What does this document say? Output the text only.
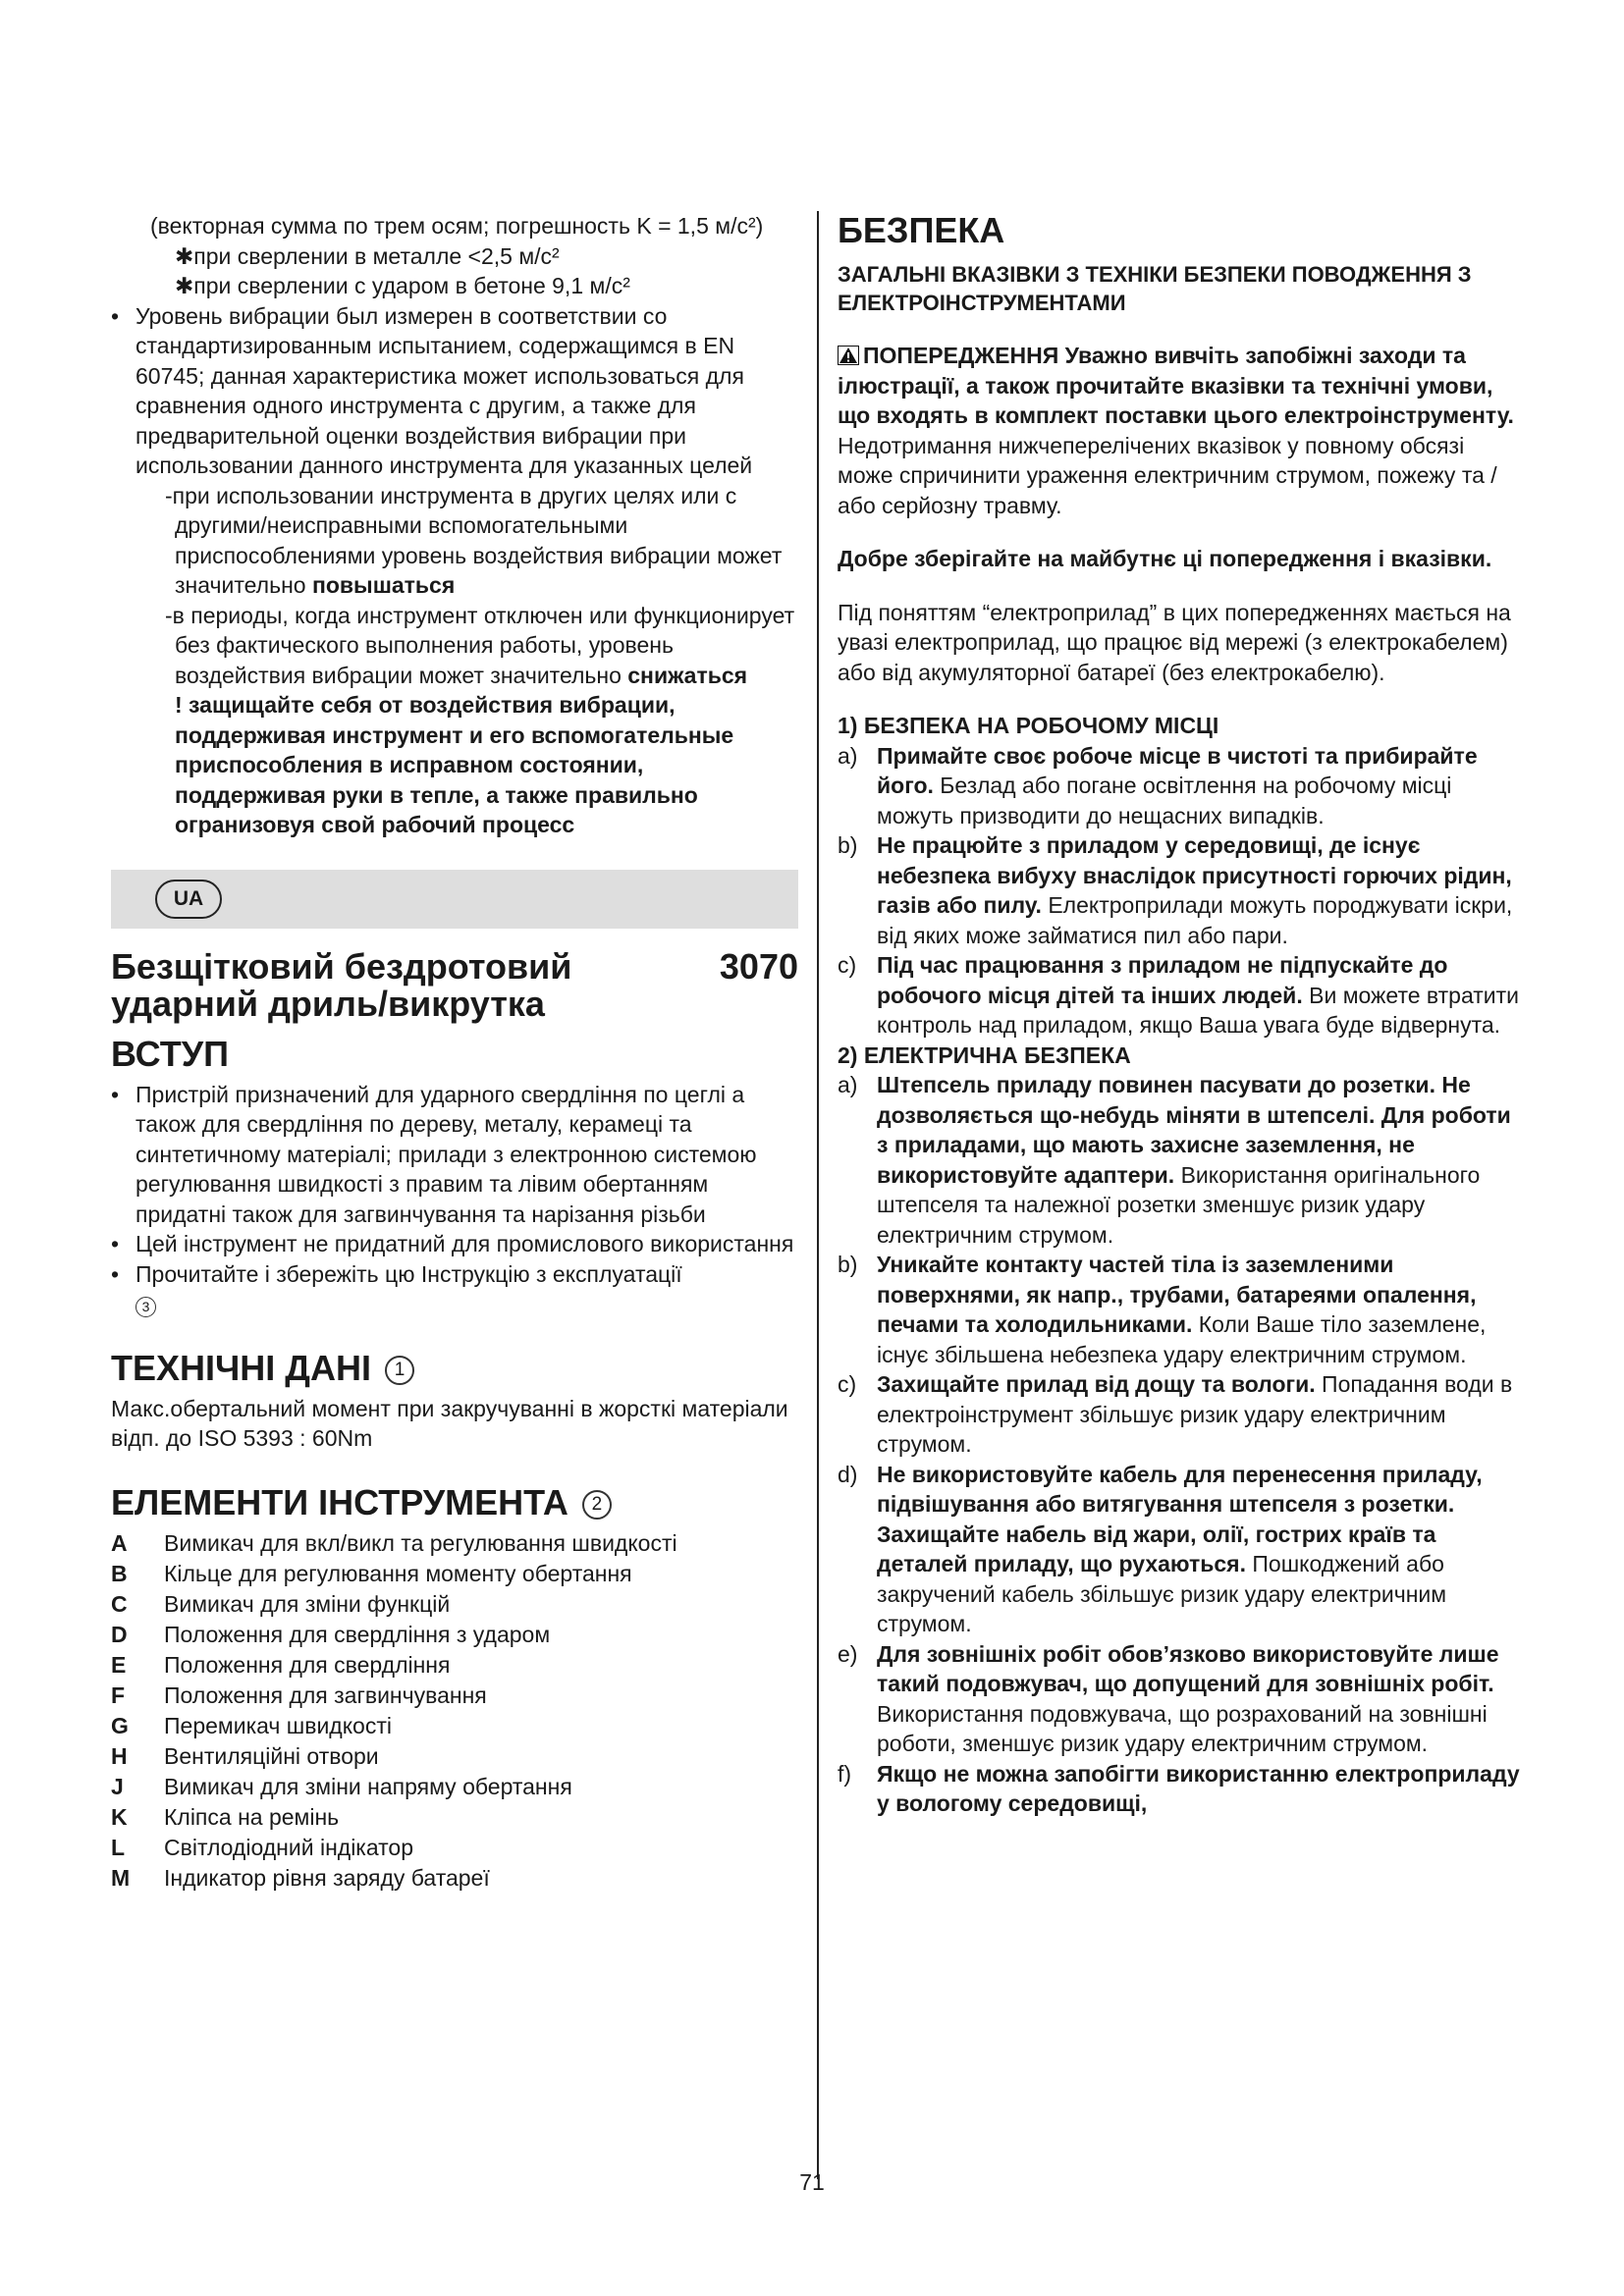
(векторная сумма по трем осям; погрешность K = 1,5 м/с²)

✱при сверлении в металле <2,5 м/с²

✱при сверлении с ударом в бетоне 9,1 м/с²

• Уровень вибрации был измерен в соответствии со стандартизированным испытанием, содержащимся в EN 60745; данная характеристика может использоваться для сравнения одного инструмента с другим, а также для предварительной оценки воздействия вибрации при использовании данного инструмента для указанных целей

-при использовании инструмента в других целях или с другими/неисправными вспомогательными приспособлениями уровень воздействия вибрации может значительно повышаться

-в периоды, когда инструмент отключен или функционирует без фактического выполнения работы, уровень воздействия вибрации может значительно снижаться

! защищайте себя от воздействия вибрации, поддерживая инструмент и его вспомогательные приспособления в исправном состоянии, поддерживая руки в тепле, а также правильно огранизовуя свой рабочий процесс

UA
Безщітковий бездротовий ударний дриль/викрутка
3070
ВСТУП

• Пристрій призначений для ударного свердління по цеглі а також для свердління по дереву, металу, керамеці та синтетичному матеріалі; прилади з електронною системою регулювання швидкості з правим та лівим обертанням придатні також для загвинчування та нарізання різьби

• Цей інструмент не придатний для промислового використання

• Прочитайте і збережіть цю Інструкцію з експлуатації
3

ТЕХНІЧНІ ДАНІ 1

Макс.обертальний момент при закручуванні в жорсткі матеріали відп. до ISO 5393 : 60Nm

ЕЛЕМЕНТИ ІНСТРУМЕНТА 2
A	Вимикач для вкл/викл та регулювання швидкості
B	Кільце для регулювання моменту обертання
C	Вимикач для зміни функцій
D	Положення для свердління з ударом
E	Положення для свердління
F	Положення для загвинчування
G	Перемикач швидкості
H	Вентиляційні отвори
J	Вимикач для зміни напряму обертання
K	Кліпса на ремінь
L	Світлодіодний індікатор
M	Індикатор рівня заряду батареї
БЕЗПЕКА

ЗАГАЛЬНІ ВКАЗІВКИ З ТЕХНІКИ БЕЗПЕКИ ПОВОДЖЕННЯ З ЕЛЕКТРОІНСТРУМЕНТАМИ

ПОПЕРЕДЖЕННЯ Уважно вивчіть запобіжні заходи та ілюстрації, а також прочитайте вказівки та технічні умови, що входять в комплект поставки цього електроінструменту. Недотримання нижчеперелічених вказівок у повному обсязі може спричинити ураження електричним струмом, пожежу та / або серйозну травму.

Добре зберігайте на майбутнє ці попередження і вказівки.

Під поняттям “електроприлад” в цих попередженнях мається на увазі електроприлад, що працює від мережі (з електрокабелем) або від акумуляторної батареї (без електрокабелю).

1) БЕЗПЕКА НА РОБОЧОМУ МІСЦІ

a) Примайте своє робоче місце в чистоті та прибирайте його. Безлад або погане освітлення на робочому місці можуть призводити до нещасних випадків.

b) Не працюйте з приладом у середовищі, де існує небезпека вибуху внаслідок присутності горючих рідин, газів або пилу. Електроприлади можуть породжувати іскри, від яких може займатися пил або пари.

c) Під час працювання з приладом не підпускайте до робочого місця дітей та інших людей. Ви можете втратити контроль над приладом, якщо Ваша увага буде відвернута.

2) ЕЛЕКТРИЧНА БЕЗПЕКА

a) Штепсель приладу повинен пасувати до розетки. Не дозволяється що-небудь міняти в штепселі. Для роботи з приладами, що мають захисне заземлення, не використовуйте адаптери. Використання оригінального штепселя та належної розетки зменшує ризик удару електричним струмом.

b) Уникайте контакту частей тіла із заземленими поверхнями, як напр., трубами, батареями опалення, печами та холодильниками. Коли Ваше тіло заземлене, існує збільшена небезпека удару електричним струмом.

c) Захищайте прилад від дощу та вологи. Попадання води в електроінструмент збільшує ризик удару електричним струмом.

d) Не використовуйте кабель для перенесення приладу, підвішування або витягування штепселя з розетки. Захищайте набель від жари, олії, гострих країв та деталей приладу, що рухаються. Пошкоджений або закручений кабель збільшує ризик удару електричним струмом.

e) Для зовнішніх робіт обов’язково використовуйте лише такий подовжувач, що допущений для зовнішніх робіт. Використання подовжувача, що розрахований на зовнішні роботи, зменшує ризик удару електричним струмом.

f) Якщо не можна запобігти використанню електроприладу у вологому середовищі,

71
